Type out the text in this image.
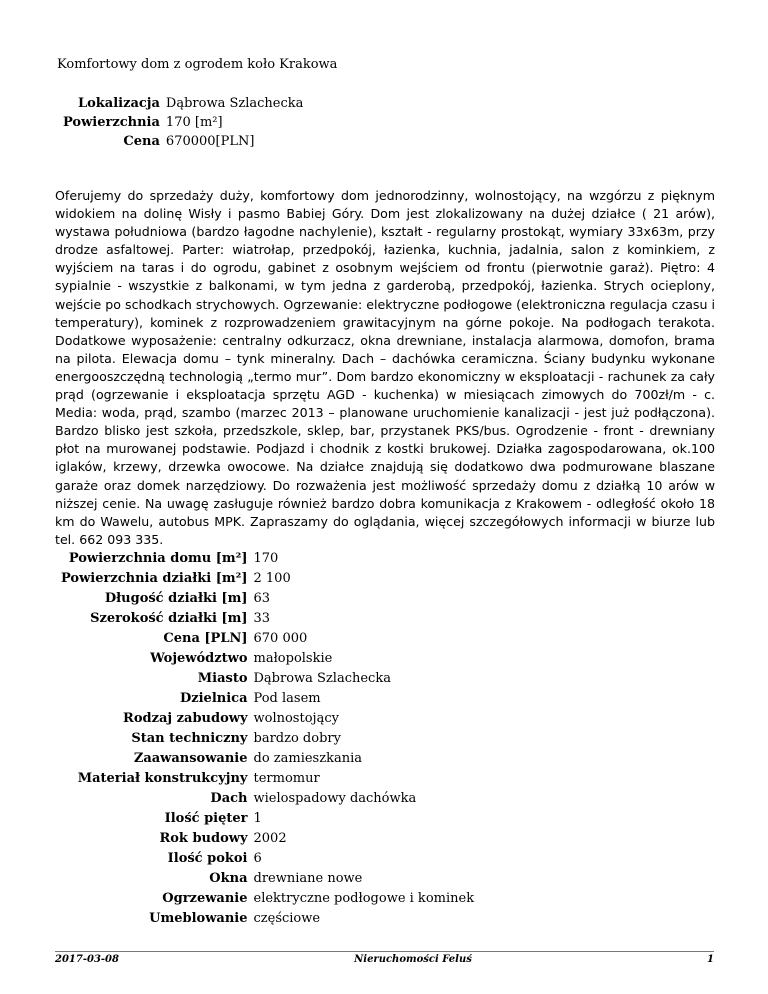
Komfortowy dom z ogrodem koło Krakowa
Lokalizacja	Dąbrowa Szlachecka
Powierzchnia	170 [m²]
Cena	670000[PLN]

Oferujemy do sprzedaży duży, komfortowy dom jednorodzinny, wolnostojący, na wzgórzu z pięknym widokiem na dolinę Wisły i pasmo Babiej Góry. Dom jest zlokalizowany na dużej działce ( 21 arów), wystawa południowa (bardzo łagodne nachylenie), kształt - regularny prostokąt, wymiary 33x63m, przy drodze asfaltowej. Parter: wiatrołap, przedpokój, łazienka, kuchnia, jadalnia, salon z kominkiem, z wyjściem na taras i do ogrodu, gabinet z osobnym wejściem od frontu (pierwotnie garaż). Piętro: 4 sypialnie - wszystkie z balkonami, w tym jedna z garderobą, przedpokój, łazienka. Strych ocieplony, wejście po schodkach strychowych. Ogrzewanie: elektryczne podłogowe (elektroniczna regulacja czasu i temperatury), kominek z rozprowadzeniem grawitacyjnym na górne pokoje. Na podłogach terakota. Dodatkowe wyposażenie: centralny odkurzacz, okna drewniane, instalacja alarmowa, domofon, brama na pilota. Elewacja domu – tynk mineralny. Dach – dachówka ceramiczna. Ściany budynku wykonane energooszczędną technologią „termo mur”. Dom bardzo ekonomiczny w eksploatacji - rachunek za cały prąd (ogrzewanie i eksploatacja sprzętu AGD - kuchenka) w miesiącach zimowych do 700zł/m - c. Media: woda, prąd, szambo (marzec 2013 – planowane uruchomienie kanalizacji - jest już podłączona). Bardzo blisko jest szkoła, przedszkole, sklep, bar, przystanek PKS/bus. Ogrodzenie - front - drewniany płot na murowanej podstawie. Podjazd i chodnik z kostki brukowej. Działka zagospodarowana, ok.100 iglaków, krzewy, drzewka owocowe. Na działce znajdują się dodatkowo dwa podmurowane blaszane garaże oraz domek narzędziowy. Do rozważenia jest możliwość sprzedaży domu z działką 10 arów w niższej cenie. Na uwagę zasługuje również bardzo dobra komunikacja z Krakowem - odległość około 18 km do Wawelu, autobus MPK. Zapraszamy do oglądania, więcej szczegółowych informacji w biurze lub tel. 662 093 335.

Powierzchnia domu [m²]	170
Powierzchnia działki [m²]	2 100
Długość działki [m]	63
Szerokość działki [m]	33
Cena [PLN]	670 000
Województwo	małopolskie
Miasto	Dąbrowa Szlachecka
Dzielnica	Pod lasem
Rodzaj zabudowy	wolnostojący
Stan techniczny	bardzo dobry
Zaawansowanie	do zamieszkania
Materiał konstrukcyjny	termomur
Dach	wielospadowy dachówka
Ilość pięter	1
Rok budowy	2002
Ilość pokoi	6
Okna	drewniane nowe
Ogrzewanie	elektryczne podłogowe i kominek
Umeblowanie	częściowe
2017-03-08	Nieruchomości Feluś	1
